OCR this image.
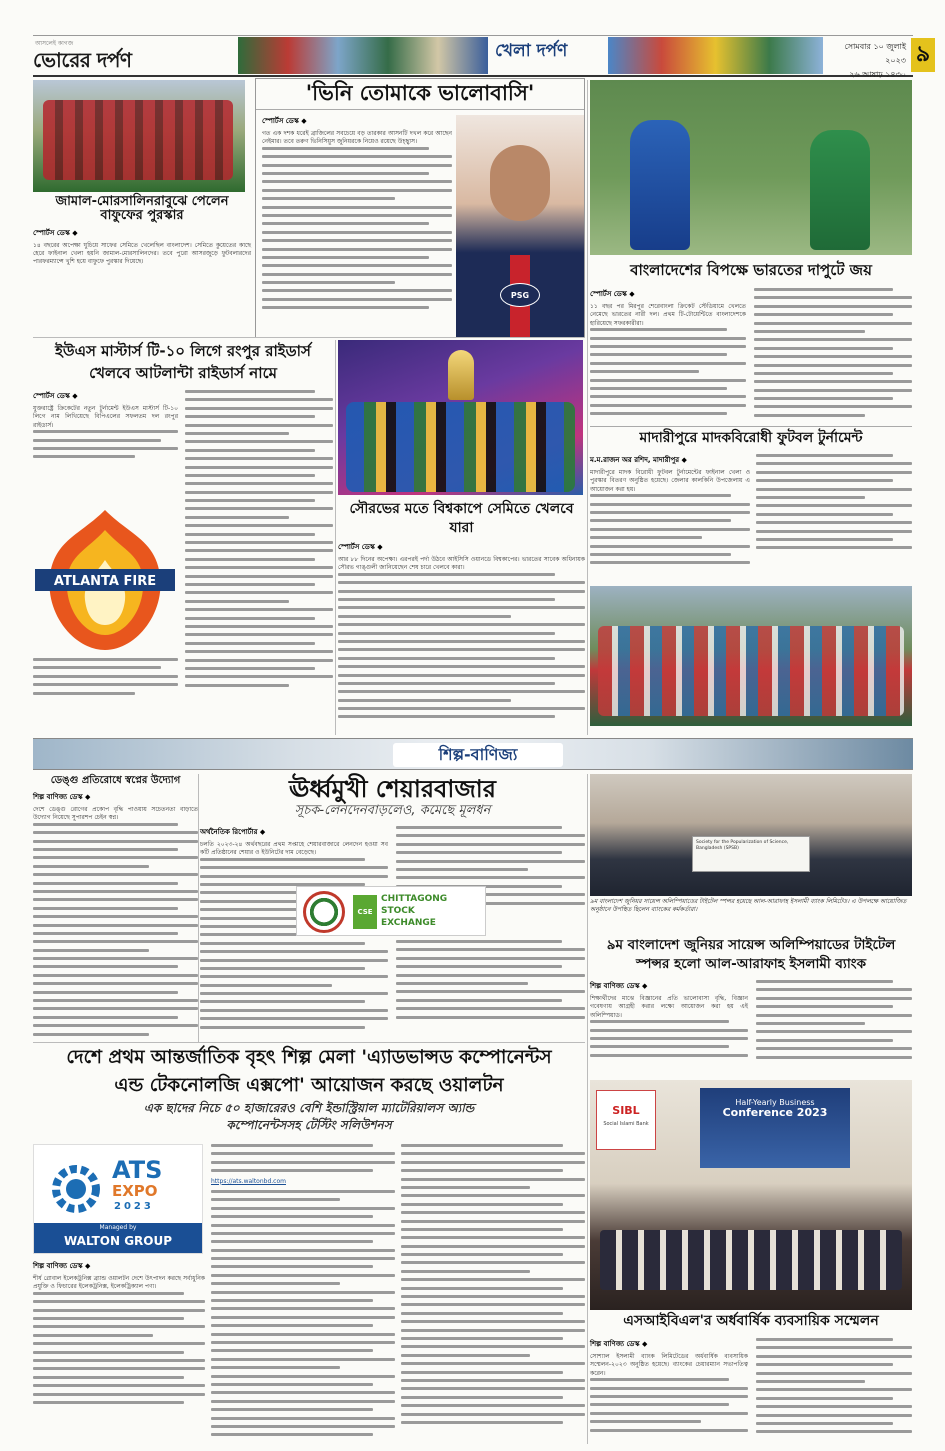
আসলেই কাগজ
ভোরের দর্পণ	খেলা দর্পণ	সোমবার ১০ জুলাই ২০২৩
২৬ আষাঢ় ১৪৩০
৯
জামাল-মোরসালিনরাবুঝে পেলেন বাফুফের পুরস্কার
স্পোর্টস ডেস্ক ◆
১৪ বছরের অপেক্ষা ঘুচিয়ে সাফের সেমিতে খেলেছিল বাংলাদেশ। সেমিতে কুয়েতের কাছে হেরে ফাইনাল খেলা হয়নি জামাল-মোরসালিনদের। তবে পুরো আসরজুড়ে ফুটবলারদের পারফরম্যান্সে খুশি হয়ে বাফুফে পুরস্কার দিয়েছে।
'ভিনি তোমাকে ভালোবাসি'
স্পোর্টস ডেস্ক ◆
গত এক দশক ধরেই ব্রাজিলের সবচেয়ে বড় তারকার আসনটি দখল করে আছেন নেইমার। তবে তরুণ ভিনিসিয়ুস জুনিয়রকে নিয়েও রয়েছে উচ্ছ্বাস।
PSG
বাংলাদেশের বিপক্ষে ভারতের দাপুটে জয়
স্পোর্টস ডেস্ক ◆
১১ বছর পর মিরপুর শেরেবাংলা ক্রিকেট স্টেডিয়ামে খেলতে নেমেছে ভারতের নারী দল। প্রথম টি-টোয়েন্টিতে বাংলাদেশকে হারিয়েছে সফরকারীরা।
ইউএস মাস্টার্স টি-১০ লিগে রংপুর রাইডার্স খেলবে আটলান্টা রাইডার্স নামে
স্পোর্টস ডেস্ক ◆
যুক্তরাষ্ট্রে ক্রিকেটের নতুন টুর্নামেন্ট ইউএস মাস্টার্স টি-১০ লিগে নাম লিখিয়েছে বিপিএলের সফলতম দল রংপুর রাইডার্স।
ATLANTA FIRE
সৌরভের মতে বিশ্বকাপে সেমিতে খেলবে যারা
স্পোর্টস ডেস্ক ◆
আর ৮৮ দিনের অপেক্ষা। এরপরই পর্দা উঠবে আইসিসি ওয়ানডে বিশ্বকাপের। ভারতের সাবেক অধিনায়ক সৌরভ গাঙ্গুলী জানিয়েছেন শেষ চারে খেলবে কারা।
মাদারীপুরে মাদকবিরোধী ফুটবল টুর্নামেন্ট
ম.ম.রাজন অর রশিদ, মাদারীপুর ◆
মাদারীপুরে মাদক বিরোধী ফুটবল টুর্নামেন্টের ফাইনাল খেলা ও পুরস্কার বিতরণ অনুষ্ঠিত হয়েছে। জেলার কালকিনি উপজেলায় এ আয়োজন করা হয়।
শিল্প-বাণিজ্য
ডেঙ্গু প্রতিরোধে স্বপ্নের উদ্যোগ
শিল্প বাণিজ্য ডেস্ক ◆
দেশে ডেঙ্গু রোগের প্রকোপ বৃদ্ধি পাওয়ায় সচেতনতা বাড়াতে উদ্যোগ নিয়েছে সুপারশপ চেইন স্বপ্ন।
ঊর্ধ্বমুখী শেয়ারবাজার
সূচক-লেনদেনবাড়লেও, কমেছে মূলধন
অর্থনৈতিক রিপোর্টার ◆
চলতি ২০২৩-২৪ অর্থবছরের প্রথম সপ্তাহে শেয়ারবাজারে লেনদেন হওয়া সব কটি প্রতিষ্ঠানের শেয়ার ও ইউনিটের দাম বেড়েছে।
CSE
CHITTAGONG
STOCK
EXCHANGE
Society for the Popularization of Science, Bangladesh (SPSB)
৯ম বাংলাদেশ জুনিয়র সায়েন্স অলিম্পিয়াডের টাইটেল স্পন্সর হয়েছে আল-আরাফাহ ইসলামী ব্যাংক লিমিটেড। এ উপলক্ষে আয়োজিত অনুষ্ঠানে উপস্থিত ছিলেন ব্যাংকের কর্মকর্তারা।
৯ম বাংলাদেশ জুনিয়র সায়েন্স অলিম্পিয়াডের টাইটেল স্পন্সর হলো আল-আরাফাহ ইসলামী ব্যাংক
শিল্প বাণিজ্য ডেস্ক ◆
শিক্ষার্থীদের মাঝে বিজ্ঞানের প্রতি ভালোবাসা বৃদ্ধি, বিজ্ঞান গবেষণায় আগ্রহী করার লক্ষ্যে আয়োজন করা হয় এই অলিম্পিয়াড।
দেশে প্রথম আন্তর্জাতিক বৃহৎ শিল্প মেলা 'এ্যাডভান্সড কম্পোনেন্টস
এন্ড টেকনোলজি এক্সপো' আয়োজন করছে ওয়ালটন
এক ছাদের নিচে ৫০ হাজারেরও বেশি ইন্ডাস্ট্রিয়াল ম্যাটেরিয়ালস অ্যান্ড
কম্পোনেন্টসসহ টেস্টিং সলিউশনস
ATS
EXPO
2023
Managed by
WALTON GROUP
শিল্প বাণিজ্য ডেস্ক ◆
শীর্ষ গ্লোবাল ইলেকট্রনিক্স ব্র্যান্ড ওয়ালটন দেশে উৎপাদন করছে সর্বাধুনিক প্রযুক্তি ও ফিচারের ইলেকট্রনিক্স, ইলেকট্রিক্যাল পণ্য।
https://ats.waltonbd.com
Half-Yearly Business
Conference 2023
SIBL
Social Islami Bank
এসআইবিএল'র অর্ধবার্ষিক ব্যবসায়িক সম্মেলন
শিল্প বাণিজ্য ডেস্ক ◆
সোশ্যাল ইসলামী ব্যাংক লিমিটেডের অর্ধবার্ষিক ব্যবসায়িক সম্মেলন-২০২৩ অনুষ্ঠিত হয়েছে। ব্যাংকের চেয়ারম্যান সভাপতিত্ব করেন।
